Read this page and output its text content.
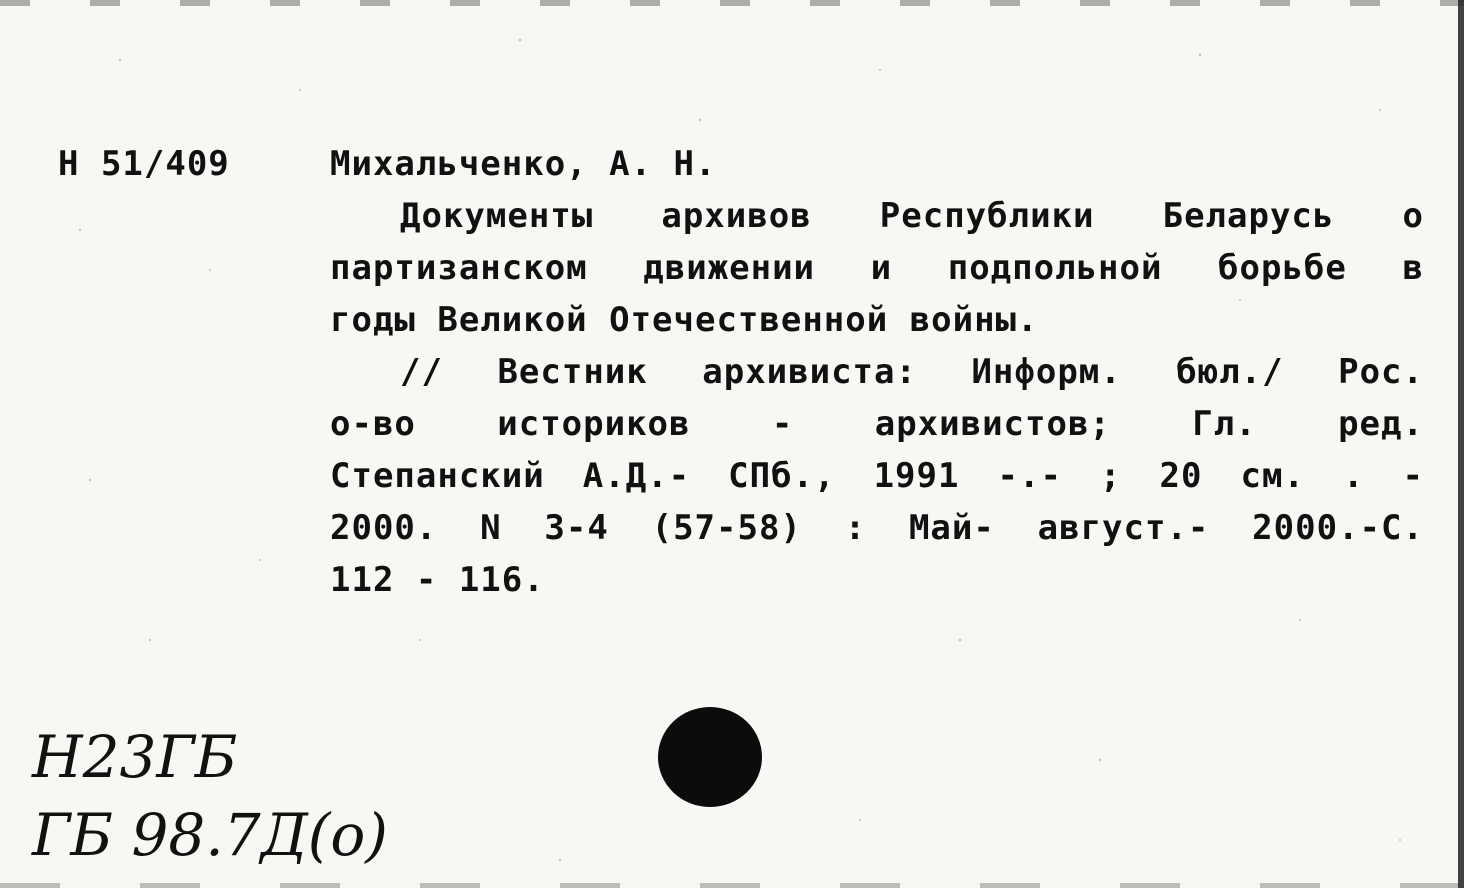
Н 51/409	Михальченко, А. Н.
Документы архивов Республики Беларусь о
партизанском движении и подпольной борьбе в
годы Великой Отечественной войны.
// Вестник архивиста: Информ. бюл./ Рос.
о-во историков - архивистов; Гл. ред.
Степанский А.Д.- СПб., 1991 -.- ; 20 см. . -
2000. N 3-4 (57-58) : Май- август.- 2000.-С.
112 - 116.
Н23ГБ
ГБ 98.7Д(о)
